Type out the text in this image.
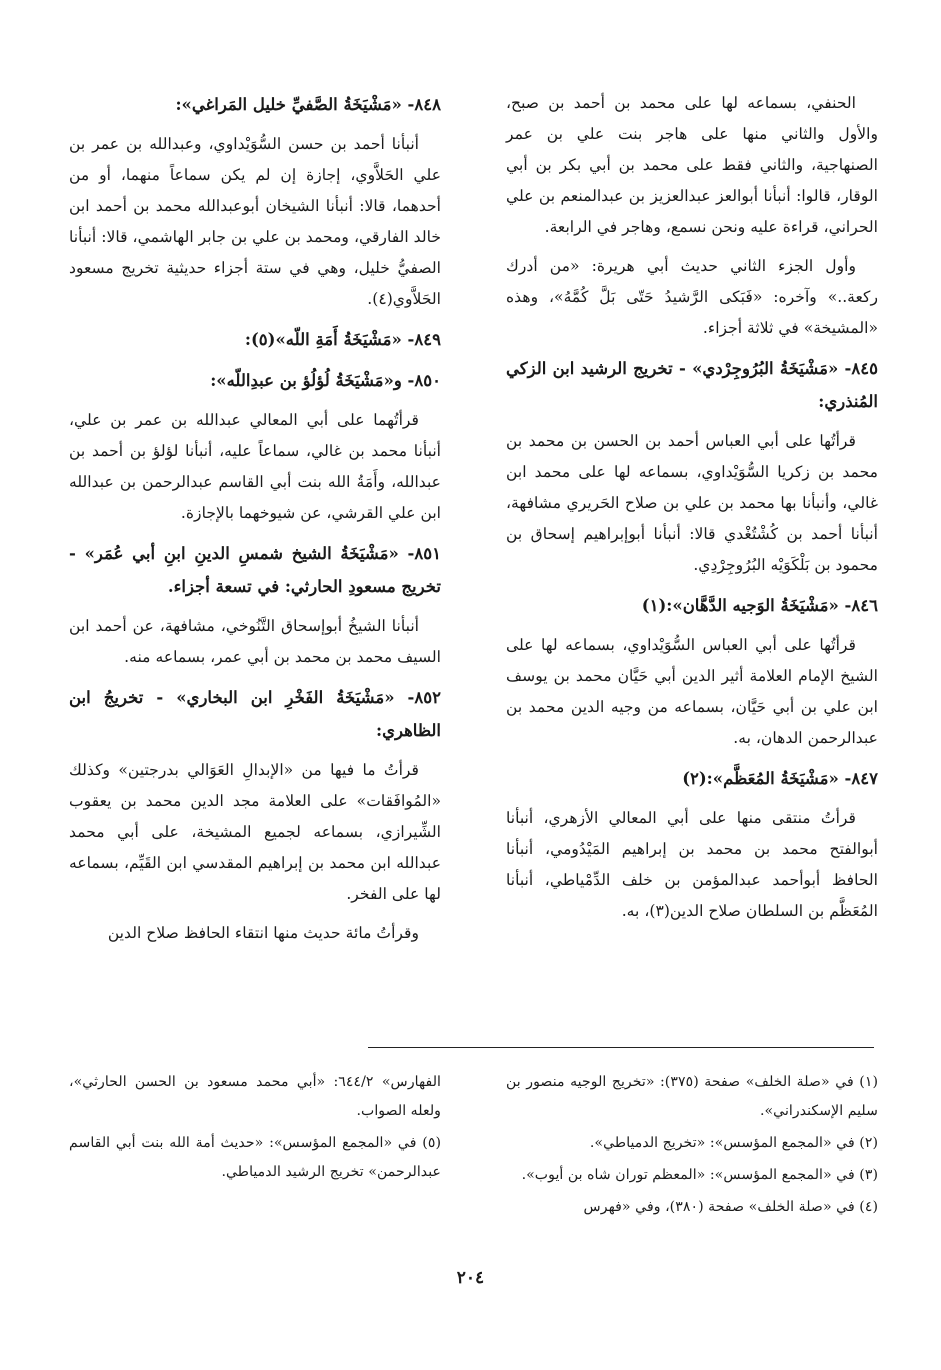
الحنفي، بسماعه لها على محمد بن أحمد بن صبح، والأول والثاني منها على هاجر بنت علي بن عمر الصنهاجية، والثاني فقط على محمد بن أبي بكر بن أبي الوقار، قالوا: أنبأنا أبوالعز عبدالعزيز بن عبدالمنعم بن علي الحراني، قراءة عليه ونحن نسمع، وهاجر في الرابعة.
وأول الجزء الثاني حديث أبي هريرة: «من أدرك ركعة..» وآخره: «فَبَكى الرَّشيدُ حَتّى بَلَّ كُمَّهُ»، وهذه «المشيخة» في ثلاثة أجزاء.
٨٤٥- «مَشْيَخَةُ البُرُوجِرْدي» - تخريج الرشيد ابن الزكي المُنذري:
قرأتُها على أبي العباس أحمد بن الحسن بن محمد بن محمد بن زكريا السُّوَيْداوي، بسماعه لها على محمد ابن غالي، وأنبأنا بها محمد بن علي بن صلاح الحَريري مشافهة، أنبأنا أحمد بن كُشْتُغْدي قالا: أنبأنا أبوإبراهيم إسحاق بن محمود بن بَلْكَوَيْه البُرُوجِرْدِي.
٨٤٦- «مَشْيَخَةُ الوَجيه الدَّهَّان»:(١)
قرأتُها على أبي العباس السُّوَيْداوي، بسماعه لها على الشيخ الإمام العلامة أثير الدين أبي حَيَّان محمد بن يوسف ابن علي بن أبي حَيَّان، بسماعه من وجيه الدين محمد بن عبدالرحمن الدهان، به.
٨٤٧- «مَشْيَخَةُ المُعَظَّم»:(٢)
قرأتُ منتقى منها على أبي المعالي الأزهري، أنبأنا أبوالفتح محمد بن محمد بن إبراهيم المَيْدُومي، أنبأنا الحافظ أبوأحمد عبدالمؤمن بن خلف الدِّمْياطي، أنبأنا المُعَظَّم بن السلطان صلاح الدين(٣)، به.
٨٤٨- «مَشْيَخَةُ الصَّفيِّ خليل المَراغي»:
أنبأنا أحمد بن حسن السُّوَيْداوي، وعبدالله بن عمر بن علي الحَلاَّوي، إجازة إن لم يكن سماعاً منهما، أو من أحدهما، قالا: أنبأنا الشيخان أبوعبدالله محمد بن أحمد ابن خالد الفارقي، ومحمد بن علي بن جابر الهاشمي، قالا: أنبأنا الصفيُّ خليل، وهي في ستة أجزاء حديثية تخريج مسعود الحَلاَّوي(٤).
٨٤٩- «مَشْيَخَةُ أَمَةِ اللّه»(٥):
٨٥٠- و«مَشْيَخَةُ لُؤلُؤ بن عبدِاللّه»:
قرأتُهما على أبي المعالي عبدالله بن عمر بن علي، أنبأنا محمد بن غالي، سماعاً عليه، أنبأنا لؤلؤ بن أحمد بن عبدالله، وأَمَةُ الله بنت أبي القاسم عبدالرحمن بن عبدالله ابن علي القرشي، عن شيوخهما بالإجازة.
٨٥١- «مَشْيَخَةُ الشيخ شمسِ الدينِ ابنِ أبي عُمَر» - تخريج مسعودِ الحارثي: في تسعة أجزاء.
أنبأنا الشيخُ أبوإسحاق التَّنُوخي، مشافهة، عن أحمد ابن السيف محمد بن محمد بن أبي عمر، بسماعه منه.
٨٥٢- «مَشْيَخَةُ الفَخْرِ ابن البخاري» - تخريجُ ابن الظاهري:
قرأتُ ما فيها من «الإبدالِ العَوَالي بدرجتين» وكذلك «المُوافَقات» على العلامة مجد الدين محمد بن يعقوب الشِّيرازي، بسماعه لجميع المشيخة، على أبي محمد عبدالله ابن محمد بن إبراهيم المقدسي ابن القَيِّم، بسماعه لها على الفخر.
وقرأتُ مائة حديث منها انتقاء الحافظ صلاح الدين
(١) في «صلة الخلف» صفحة (٣٧٥): «تخريج الوجيه منصور بن سليم الإسكندراني».
(٢) في «المجمع المؤسس»: «تخريج الدمياطي».
(٣) في «المجمع المؤسس»: «المعظم توران شاه بن أيوب».
(٤) في «صلة الخلف» صفحة (٣٨٠)، وفي «فهرس
الفهارس» ٦٤٤/٢: «أبي محمد مسعود بن الحسن الحارثي»، ولعله الصواب.
(٥) في «المجمع المؤسس»: «حديث أمة الله بنت أبي القاسم عبدالرحمن» تخريج الرشيد الدمياطي.
٢٠٤
